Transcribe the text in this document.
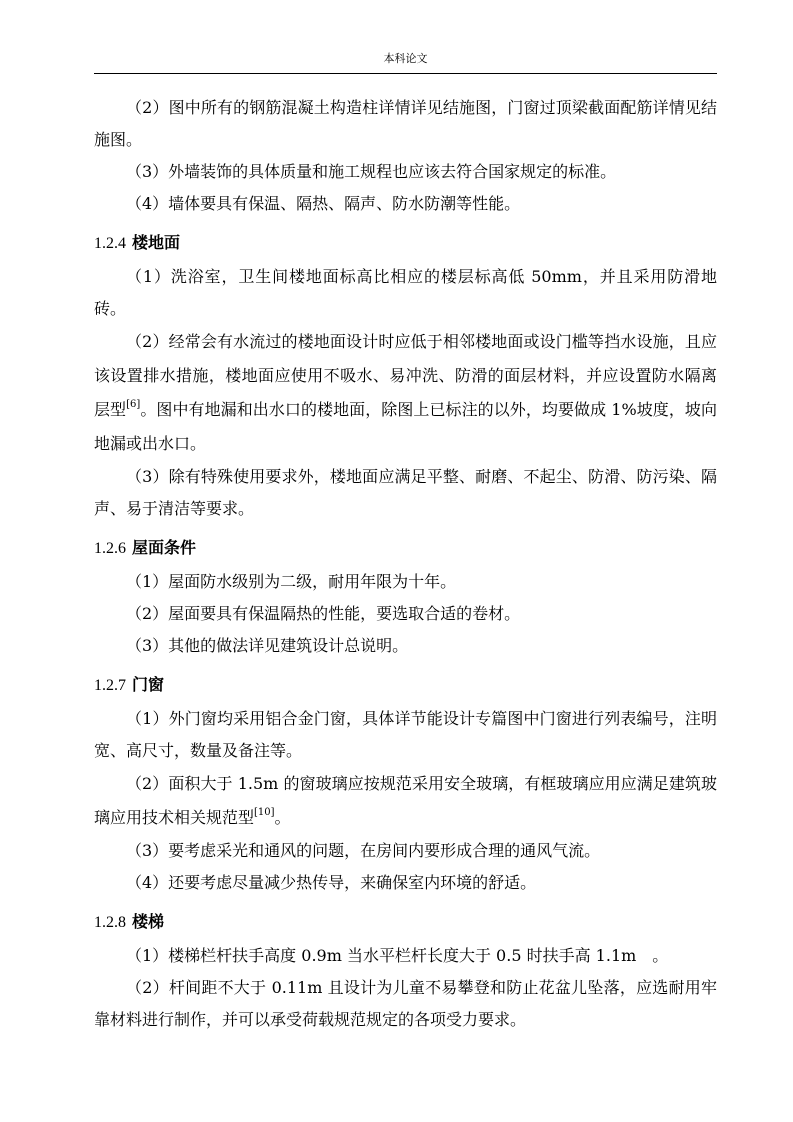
本科论文

（2）图中所有的钢筋混凝土构造柱详情详见结施图，门窗过顶梁截面配筋详情见结施图。

（3）外墙装饰的具体质量和施工规程也应该去符合国家规定的标准。

（4）墙体要具有保温、隔热、隔声、防水防潮等性能。

1.2.4 楼地面

（1）洗浴室，卫生间楼地面标高比相应的楼层标高低 50mm，并且采用防滑地砖。

（2）经常会有水流过的楼地面设计时应低于相邻楼地面或设门槛等挡水设施，且应该设置排水措施，楼地面应使用不吸水、易冲洗、防滑的面层材料，并应设置防水隔离层型[6]。图中有地漏和出水口的楼地面，除图上已标注的以外，均要做成 1%坡度，坡向地漏或出水口。

（3）除有特殊使用要求外，楼地面应满足平整、耐磨、不起尘、防滑、防污染、隔声、易于清洁等要求。

1.2.6 屋面条件

（1）屋面防水级别为二级，耐用年限为十年。

（2）屋面要具有保温隔热的性能，要选取合适的卷材。

（3）其他的做法详见建筑设计总说明。

1.2.7 门窗

（1）外门窗均采用铝合金门窗，具体详节能设计专篇图中门窗进行列表编号，注明宽、高尺寸，数量及备注等。

（2）面积大于 1.5m 的窗玻璃应按规范采用安全玻璃，有框玻璃应用应满足建筑玻璃应用技术相关规范型[10]。

（3）要考虑采光和通风的问题，在房间内要形成合理的通风气流。

（4）还要考虑尽量减少热传导，来确保室内环境的舒适。

1.2.8 楼梯

（1）楼梯栏杆扶手高度 0.9m 当水平栏杆长度大于 0.5 时扶手高 1.1m　。

（2）杆间距不大于 0.11m 且设计为儿童不易攀登和防止花盆儿坠落，应选耐用牢靠材料进行制作，并可以承受荷载规范规定的各项受力要求。
